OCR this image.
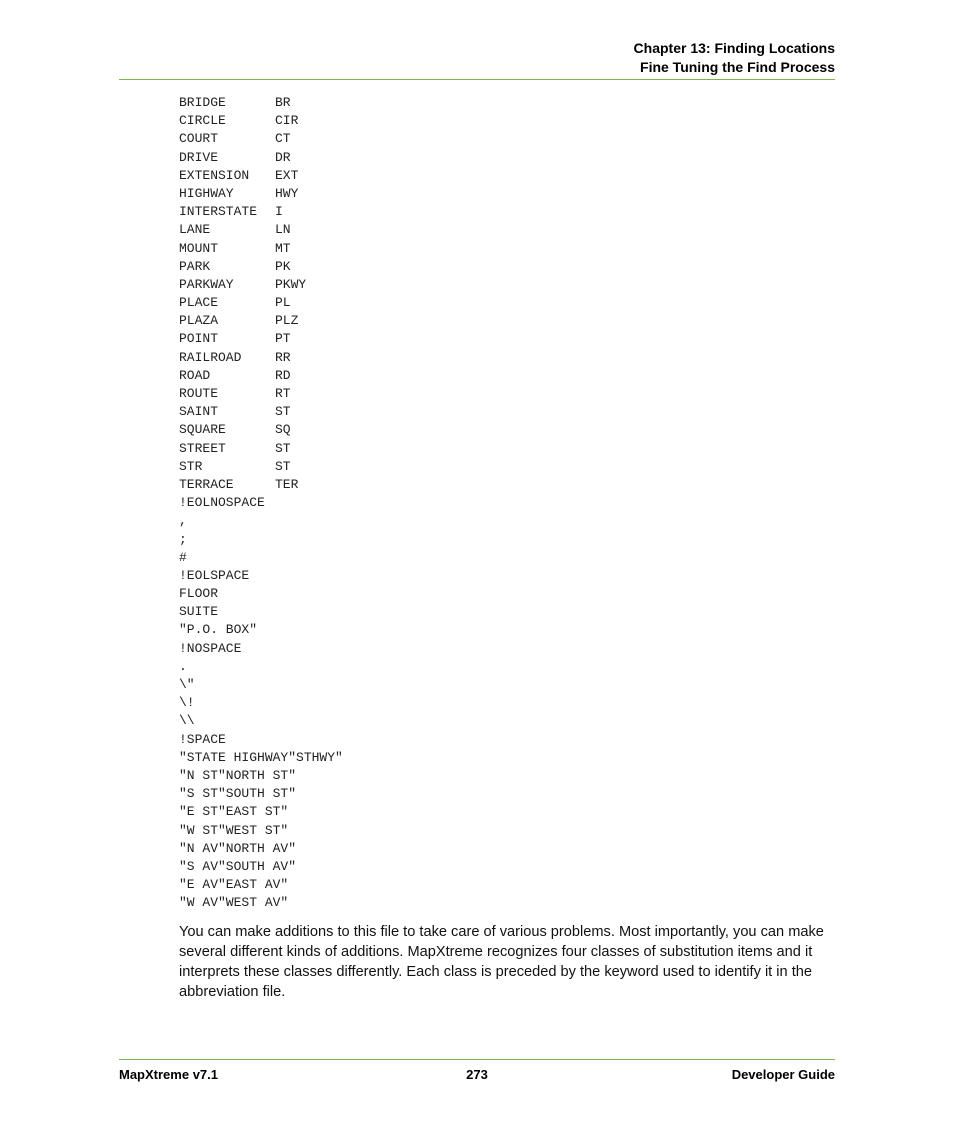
Chapter 13: Finding Locations
Fine Tuning the Find Process
BRIDGE	BR
CIRCLE	CIR
COURT	CT
DRIVE	DR
EXTENSION EXT
HIGHWAY	HWY
INTERSTATE I
LANE	LN
MOUNT	MT
PARK	PK
PARKWAY	PKWY
PLACE	PL
PLAZA	PLZ
POINT	PT
RAILROAD	RR
ROAD	RD
ROUTE	RT
SAINT	ST
SQUARE	SQ
STREET	ST
STR	ST
TERRACE	TER
!EOLNOSPACE
,
;
#
!EOLSPACE
FLOOR
SUITE
"P.O. BOX"
!NOSPACE
.
\"
\!
\\
!SPACE
"STATE HIGHWAY"STHWY"
"N ST"NORTH ST"
"S ST"SOUTH ST"
"E ST"EAST ST"
"W ST"WEST ST"
"N AV"NORTH AV"
"S AV"SOUTH AV"
"E AV"EAST AV"
"W AV"WEST AV"

You can make additions to this file to take care of various problems. Most importantly, you can make several different kinds of additions. MapXtreme recognizes four classes of substitution items and it interprets these classes differently. Each class is preceded by the keyword used to identify it in the abbreviation file.

MapXtreme v7.1	273	Developer Guide
